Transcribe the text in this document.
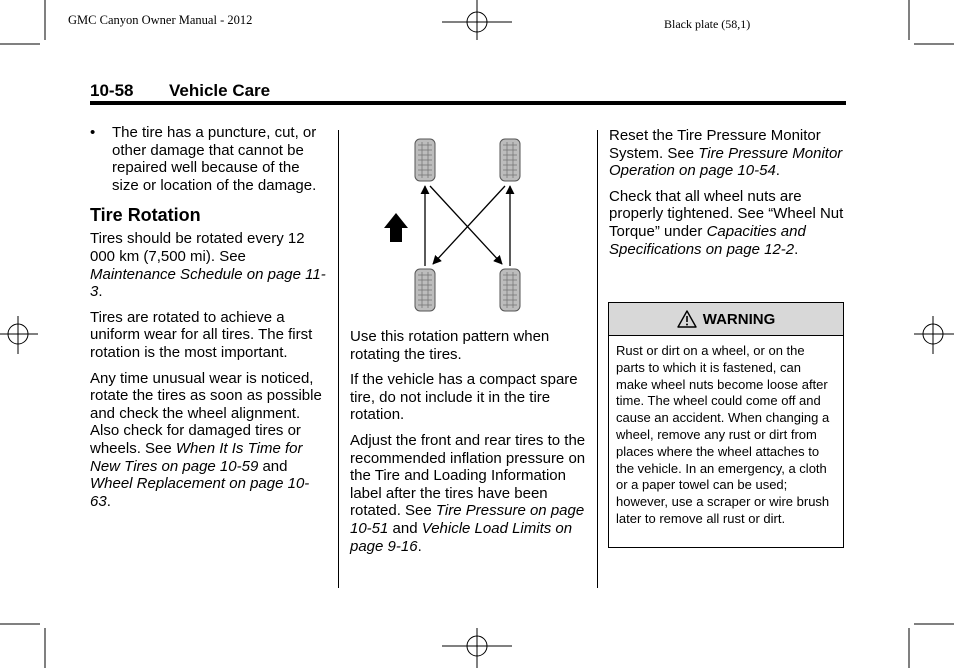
GMC Canyon Owner Manual - 2012	Black plate (58,1)
10-58 Vehicle Care
•	The tire has a puncture, cut, or other damage that cannot be repaired well because of the size or location of the damage.
Tire Rotation

Tires should be rotated every 12 000 km (7,500 mi). See Maintenance Schedule on page 11-3.

Tires are rotated to achieve a uniform wear for all tires. The first rotation is the most important.

Any time unusual wear is noticed, rotate the tires as soon as possible and check the wheel alignment. Also check for damaged tires or wheels. See When It Is Time for New Tires on page 10-59 and Wheel Replacement on page 10-63.

Use this rotation pattern when rotating the tires.

If the vehicle has a compact spare tire, do not include it in the tire rotation.

Adjust the front and rear tires to the recommended inflation pressure on the Tire and Loading Information label after the tires have been rotated. See Tire Pressure on page 10-51 and Vehicle Load Limits on page 9-16.

Reset the Tire Pressure Monitor System. See Tire Pressure Monitor Operation on page 10-54.

Check that all wheel nuts are properly tightened. See “Wheel Nut Torque” under Capacities and Specifications on page 12-2.

WARNING
Rust or dirt on a wheel, or on the parts to which it is fastened, can make wheel nuts become loose after time. The wheel could come off and cause an accident. When changing a wheel, remove any rust or dirt from places where the wheel attaches to the vehicle. In an emergency, a cloth or a paper towel can be used; however, use a scraper or wire brush later to remove all rust or dirt.
